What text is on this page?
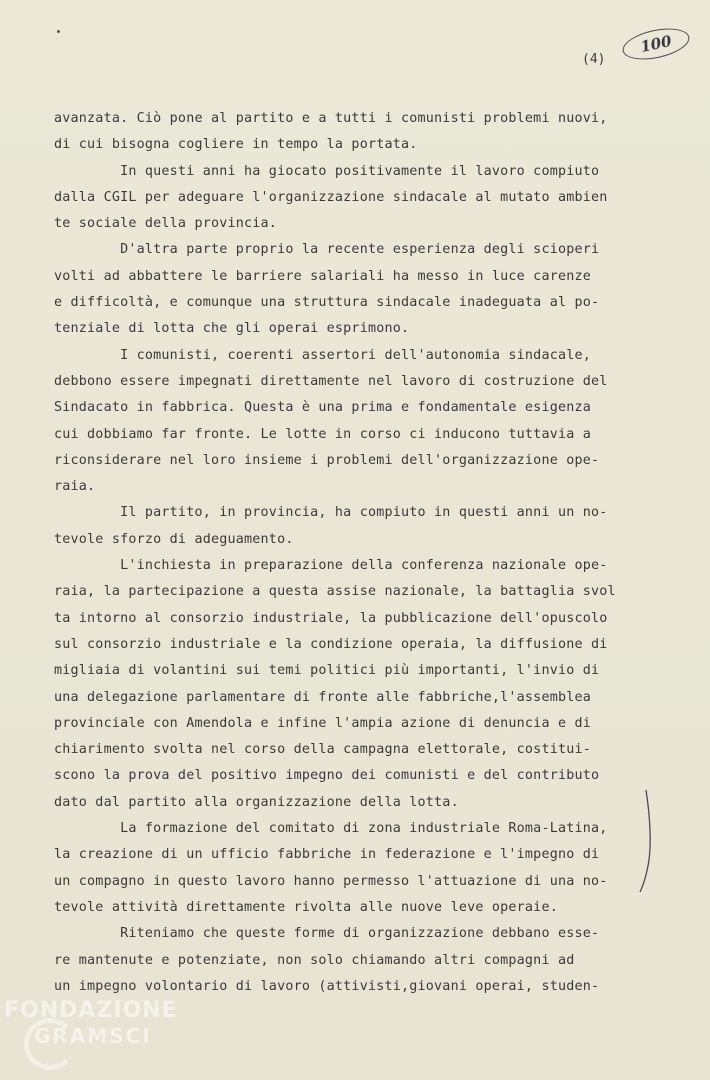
(4)
100
avanzata. Ciò pone al partito e a tutti i comunisti problemi nuovi,
di cui bisogna cogliere in tempo la portata.
In questi anni ha giocato positivamente il lavoro compiuto
dalla CGIL per adeguare l'organizzazione sindacale al mutato ambien
te sociale della provincia.
D'altra parte proprio la recente esperienza degli scioperi
volti ad abbattere le barriere salariali ha messo in luce carenze
e difficoltà, e comunque una struttura sindacale inadeguata al po-
tenziale di lotta che gli operai esprimono.
I comunisti, coerenti assertori dell'autonomia sindacale,
debbono essere impegnati direttamente nel lavoro di costruzione del
Sindacato in fabbrica. Questa è una prima e fondamentale esigenza
cui dobbiamo far fronte. Le lotte in corso ci inducono tuttavia a
riconsiderare nel loro insieme i problemi dell'organizzazione ope-
raia.
Il partito, in provincia, ha compiuto in questi anni un no-
tevole sforzo di adeguamento.
L'inchiesta in preparazione della conferenza nazionale ope-
raia, la partecipazione a questa assise nazionale, la battaglia svol
ta intorno al consorzio industriale, la pubblicazione dell'opuscolo
sul consorzio industriale e la condizione operaia, la diffusione di
migliaia di volantini sui temi politici più importanti, l'invio di
una delegazione parlamentare di fronte alle fabbriche,l'assemblea
provinciale con Amendola e infine l'ampia azione di denuncia e di
chiarimento svolta nel corso della campagna elettorale, costitui-
scono la prova del positivo impegno dei comunisti e del contributo
dato dal partito alla organizzazione della lotta.
La formazione del comitato di zona industriale Roma-Latina,
la creazione di un ufficio fabbriche in federazione e l'impegno di
un compagno in questo lavoro hanno permesso l'attuazione di una no-
tevole attività direttamente rivolta alle nuove leve operaie.
Riteniamo che queste forme di organizzazione debbano esse-
re mantenute e potenziate, non solo chiamando altri compagni ad
un impegno volontario di lavoro (attivisti,giovani operai, studen-
FONDAZIONE
GRAMSCI
